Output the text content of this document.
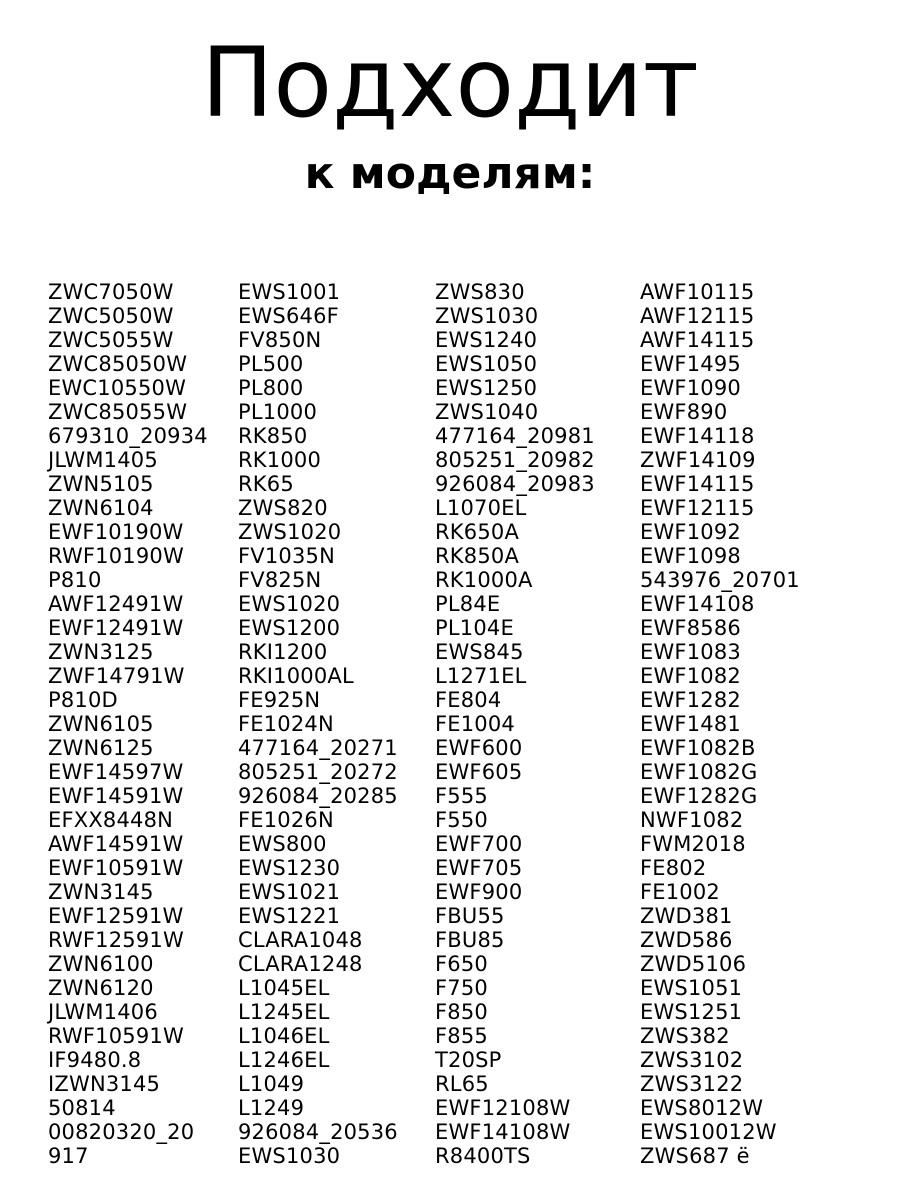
Подходит
к моделям:
ZWC7050W
ZWC5050W
ZWC5055W
ZWC85050W
EWC10550W
ZWC85055W
679310_20934
JLWM1405
ZWN5105
ZWN6104
EWF10190W
RWF10190W
P810
AWF12491W
EWF12491W
ZWN3125
ZWF14791W
P810D
ZWN6105
ZWN6125
EWF14597W
EWF14591W
EFXX8448N
AWF14591W
EWF10591W
ZWN3145
EWF12591W
RWF12591W
ZWN6100
ZWN6120
JLWM1406
RWF10591W
IF9480.8
IZWN3145
50814
00820320_20
917
EWS1001
EWS646F
FV850N
PL500
PL800
PL1000
RK850
RK1000
RK65
ZWS820
ZWS1020
FV1035N
FV825N
EWS1020
EWS1200
RKI1200
RKI1000AL
FE925N
FE1024N
477164_20271
805251_20272
926084_20285
FE1026N
EWS800
EWS1230
EWS1021
EWS1221
CLARA1048
CLARA1248
L1045EL
L1245EL
L1046EL
L1246EL
L1049
L1249
926084_20536
EWS1030
ZWS830
ZWS1030
EWS1240
EWS1050
EWS1250
ZWS1040
477164_20981
805251_20982
926084_20983
L1070EL
RK650A
RK850A
RK1000A
PL84E
PL104E
EWS845
L1271EL
FE804
FE1004
EWF600
EWF605
F555
F550
EWF700
EWF705
EWF900
FBU55
FBU85
F650
F750
F850
F855
T20SP
RL65
EWF12108W
EWF14108W
R8400TS
AWF10115
AWF12115
AWF14115
EWF1495
EWF1090
EWF890
EWF14118
ZWF14109
EWF14115
EWF12115
EWF1092
EWF1098
543976_20701
EWF14108
EWF8586
EWF1083
EWF1082
EWF1282
EWF1481
EWF1082B
EWF1082G
EWF1282G
NWF1082
FWM2018
FE802
FE1002
ZWD381
ZWD586
ZWD5106
EWS1051
EWS1251
ZWS382
ZWS3102
ZWS3122
EWS8012W
EWS10012W
ZWS687 ё
